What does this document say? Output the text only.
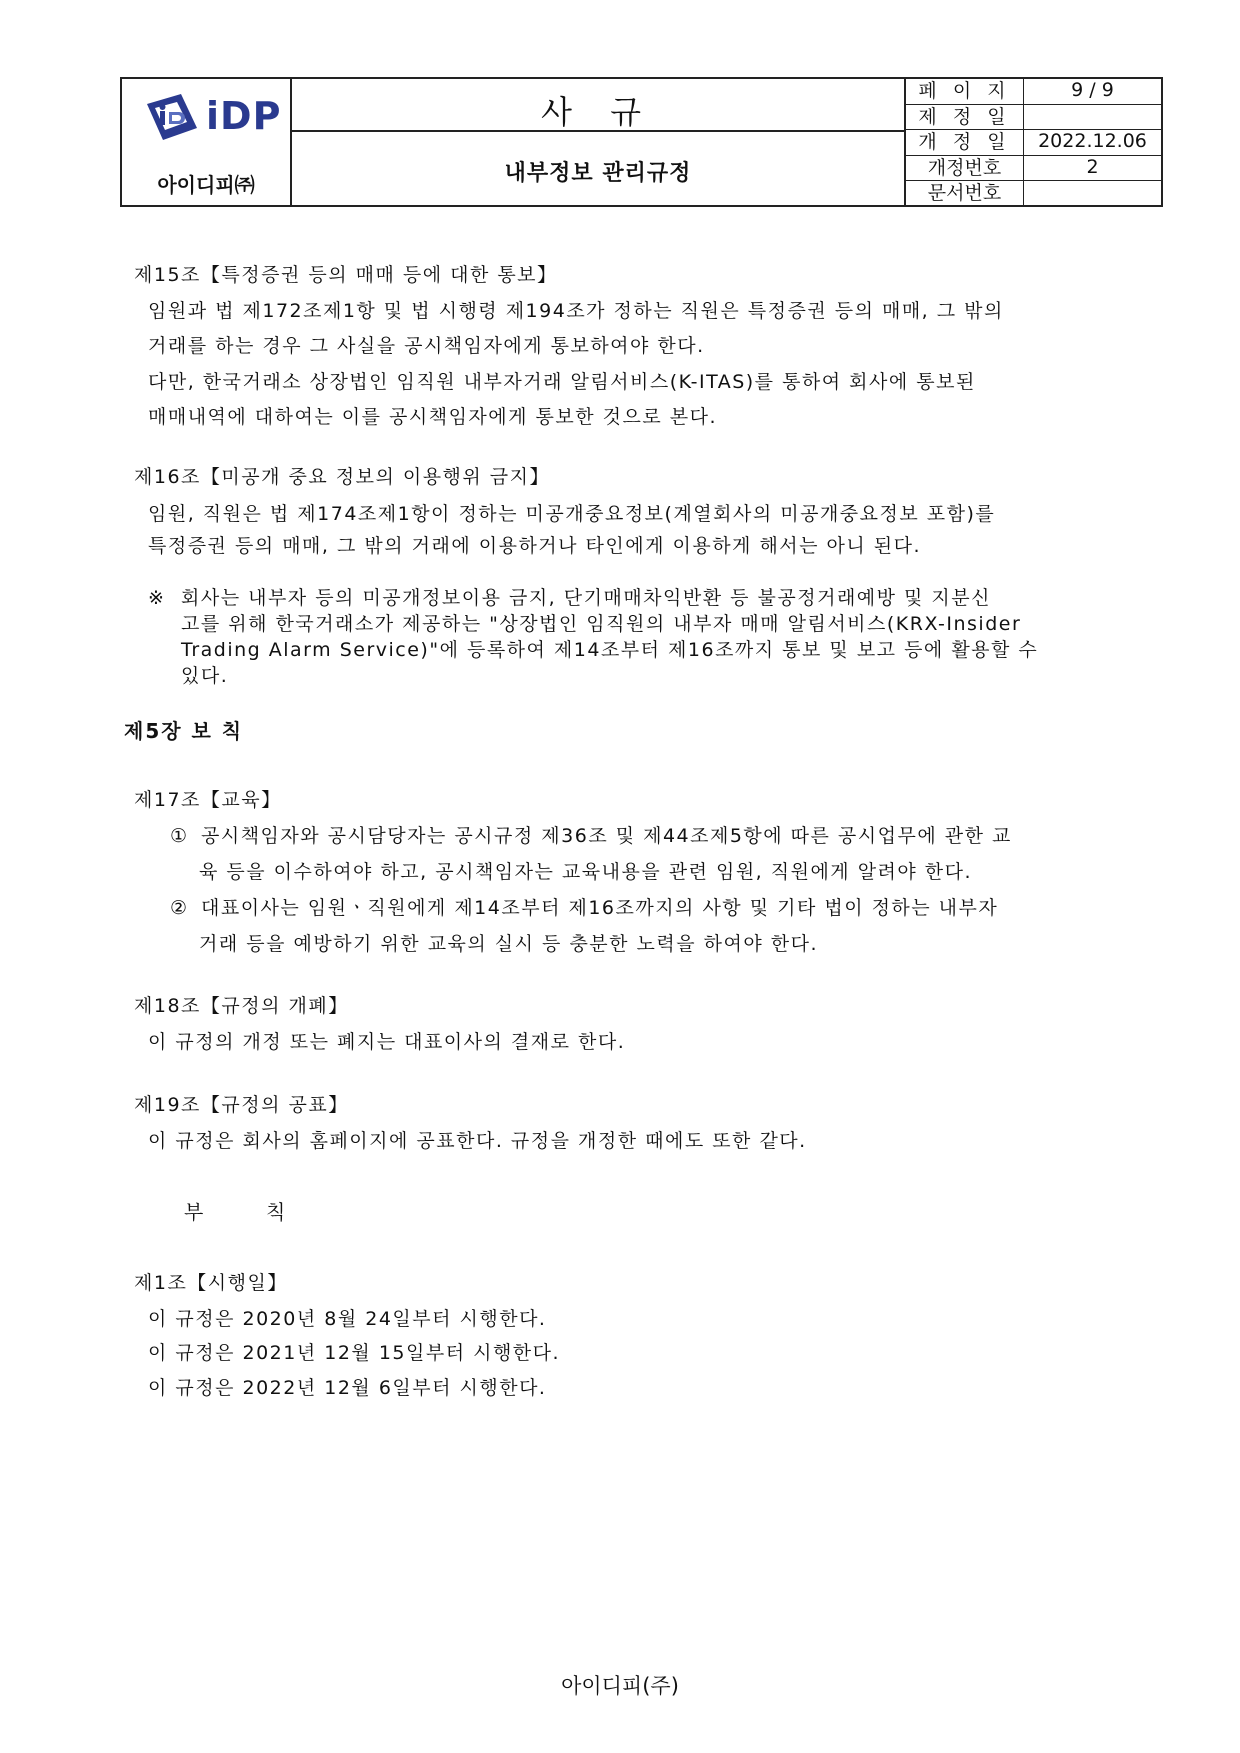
iDP
아이디피㈜
사 규
내부정보 관리규정
페 이 지	9 / 9
제 정 일
개 정 일	2022.12.06
개정번호	2
문서번호
제15조【특정증권 등의 매매 등에 대한 통보】
임원과 법 제172조제1항 및 법 시행령 제194조가 정하는 직원은 특정증권 등의 매매, 그 밖의
거래를 하는 경우 그 사실을 공시책임자에게 통보하여야 한다.
다만, 한국거래소 상장법인 임직원 내부자거래 알림서비스(K-ITAS)를 통하여 회사에 통보된
매매내역에 대하여는 이를 공시책임자에게 통보한 것으로 본다.
제16조【미공개 중요 정보의 이용행위 금지】
임원, 직원은 법 제174조제1항이 정하는 미공개중요정보(계열회사의 미공개중요정보 포함)를
특정증권 등의 매매, 그 밖의 거래에 이용하거나 타인에게 이용하게 해서는 아니 된다.
※ 회사는 내부자 등의 미공개정보이용 금지, 단기매매차익반환 등 불공정거래예방 및 지분신
고를 위해 한국거래소가 제공하는 "상장법인 임직원의 내부자 매매 알림서비스(KRX-Insider
Trading Alarm Service)"에 등록하여 제14조부터 제16조까지 통보 및 보고 등에 활용할 수
있다.
제5장 보 칙
제17조【교육】
① 공시책임자와 공시담당자는 공시규정 제36조 및 제44조제5항에 따른 공시업무에 관한 교
육 등을 이수하여야 하고, 공시책임자는 교육내용을 관련 임원, 직원에게 알려야 한다.
② 대표이사는 임원ㆍ직원에게 제14조부터 제16조까지의 사항 및 기타 법이 정하는 내부자
거래 등을 예방하기 위한 교육의 실시 등 충분한 노력을 하여야 한다.
제18조【규정의 개폐】
이 규정의 개정 또는 폐지는 대표이사의 결재로 한다.
제19조【규정의 공표】
이 규정은 회사의 홈페이지에 공표한다. 규정을 개정한 때에도 또한 같다.
부	칙
제1조【시행일】
이 규정은 2020년 8월 24일부터 시행한다.
이 규정은 2021년 12월 15일부터 시행한다.
이 규정은 2022년 12월 6일부터 시행한다.
아이디피(주)
